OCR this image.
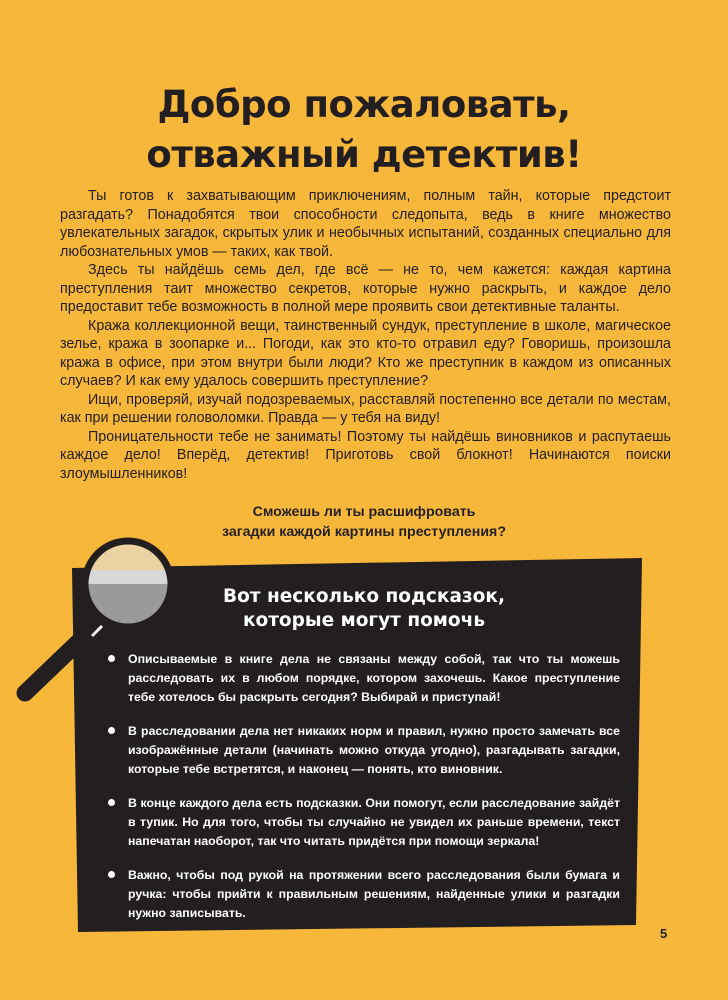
Добро пожаловать,
отважный детектив!

Ты готов к захватывающим приключениям, полным тайн, которые предстоит разгадать? Понадобятся твои способности следопыта, ведь в книге множество увлекательных загадок, скрытых улик и необычных испытаний, созданных специально для любознательных умов — таких, как твой.

Здесь ты найдёшь семь дел, где всё — не то, чем кажется: каждая картина преступления таит множество секретов, которые нужно раскрыть, и каждое дело предоставит тебе возможность в полной мере проявить свои детективные таланты.

Кража коллекционной вещи, таинственный сундук, преступление в школе, магическое зелье, кража в зоопарке и... Погоди, как это кто-то отравил еду? Говоришь, произошла кража в офисе, при этом внутри были люди? Кто же преступник в каждом из описанных случаев? И как ему удалось совершить преступление?

Ищи, проверяй, изучай подозреваемых, расставляй постепенно все детали по местам, как при решении головоломки. Правда — у тебя на виду!

Проницательности тебе не занимать! Поэтому ты найдёшь виновников и распутаешь каждое дело! Вперёд, детектив! Приготовь свой блокнот! Начинаются поиски злоумышленников!

Сможешь ли ты расшифровать
загадки каждой картины преступления?
Вот несколько подсказок,
которые могут помочь
Описываемые в книге дела не связаны между собой, так что ты можешь расследовать их в любом порядке, котором захочешь. Какое преступление тебе хотелось бы раскрыть сегодня? Выбирай и приступай!
В расследовании дела нет никаких норм и правил, нужно просто замечать все изображённые детали (начинать можно откуда угодно), разгадывать загадки, которые тебе встретятся, и наконец — понять, кто виновник.
В конце каждого дела есть подсказки. Они помогут, если расследование зайдёт в тупик. Но для того, чтобы ты случайно не увидел их раньше времени, текст напечатан наоборот, так что читать придётся при помощи зеркала!
Важно, чтобы под рукой на протяжении всего расследования были бумага и ручка: чтобы прийти к правильным решениям, найденные улики и разгадки нужно записывать.
5
